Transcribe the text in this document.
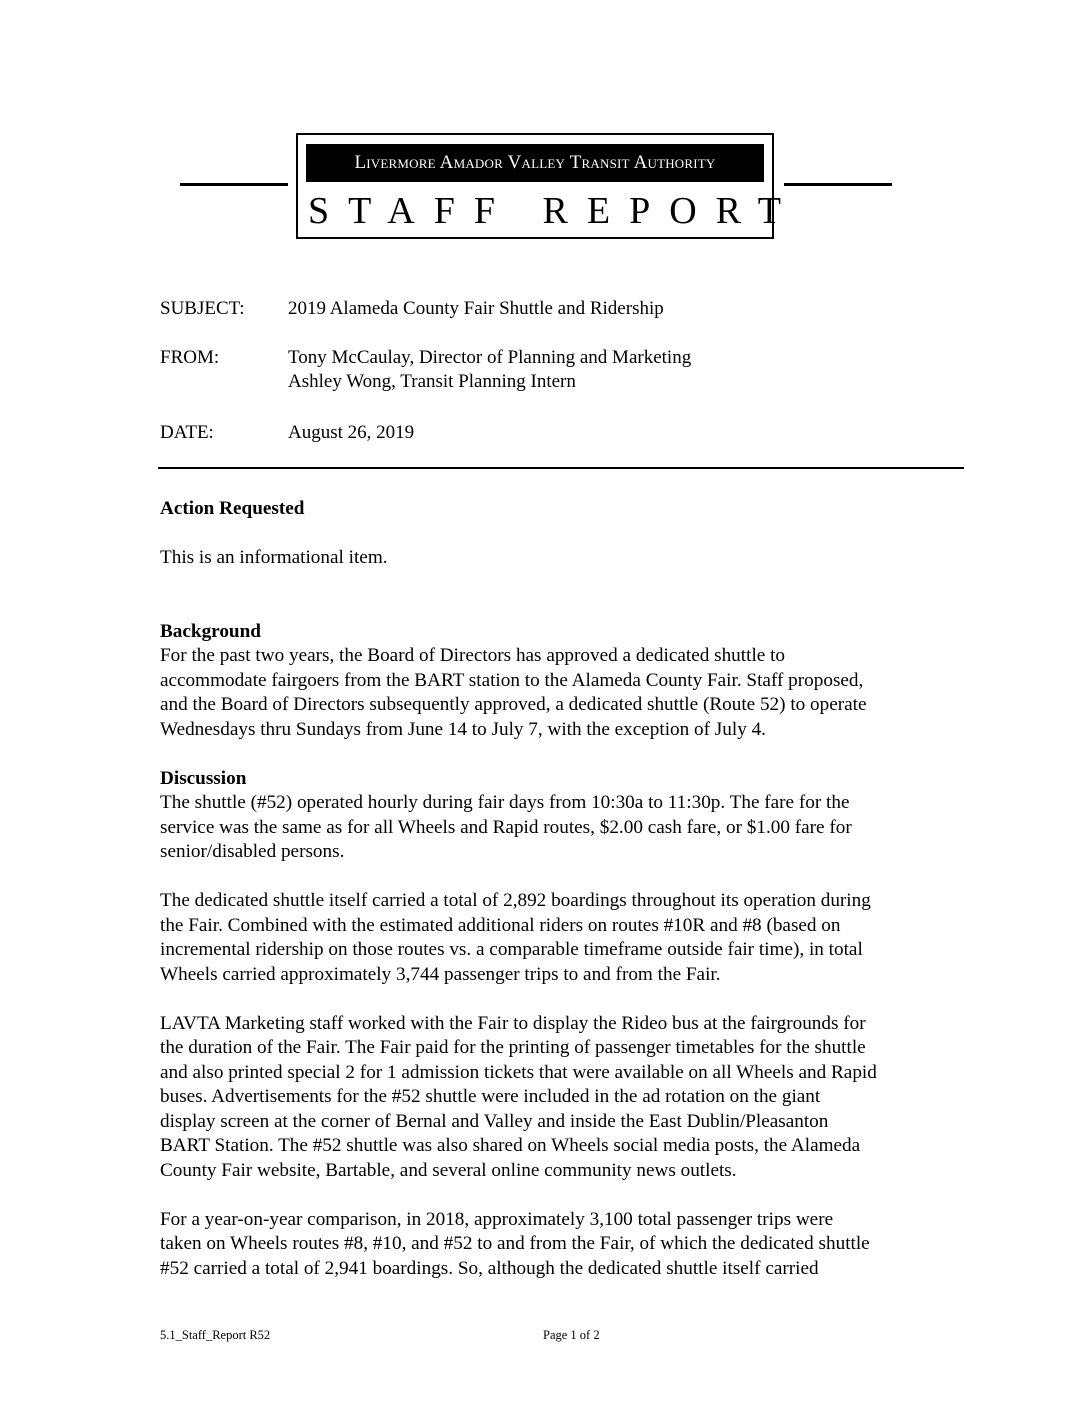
Livermore Amador Valley Transit Authority
STAFF REPORT
SUBJECT:	2019 Alameda County Fair Shuttle and Ridership
FROM:	Tony McCaulay, Director of Planning and Marketing
Ashley Wong, Transit Planning Intern
DATE:	August 26, 2019
Action Requested

This is an informational item.

Background
For the past two years, the Board of Directors has approved a dedicated shuttle to
accommodate fairgoers from the BART station to the Alameda County Fair. Staff proposed,
and the Board of Directors subsequently approved, a dedicated shuttle (Route 52) to operate
Wednesdays thru Sundays from June 14 to July 7, with the exception of July 4.
Discussion
The shuttle (#52) operated hourly during fair days from 10:30a to 11:30p. The fare for the
service was the same as for all Wheels and Rapid routes, $2.00 cash fare, or $1.00 fare for
senior/disabled persons.
The dedicated shuttle itself carried a total of 2,892 boardings throughout its operation during
the Fair. Combined with the estimated additional riders on routes #10R and #8 (based on
incremental ridership on those routes vs. a comparable timeframe outside fair time), in total
Wheels carried approximately 3,744 passenger trips to and from the Fair.
LAVTA Marketing staff worked with the Fair to display the Rideo bus at the fairgrounds for
the duration of the Fair. The Fair paid for the printing of passenger timetables for the shuttle
and also printed special 2 for 1 admission tickets that were available on all Wheels and Rapid
buses. Advertisements for the #52 shuttle were included in the ad rotation on the giant
display screen at the corner of Bernal and Valley and inside the East Dublin/Pleasanton
BART Station. The #52 shuttle was also shared on Wheels social media posts, the Alameda
County Fair website, Bartable, and several online community news outlets.
For a year-on-year comparison, in 2018, approximately 3,100 total passenger trips were
taken on Wheels routes #8, #10, and #52 to and from the Fair, of which the dedicated shuttle
#52 carried a total of 2,941 boardings. So, although the dedicated shuttle itself carried
5.1_Staff_Report R52	Page 1 of 2
